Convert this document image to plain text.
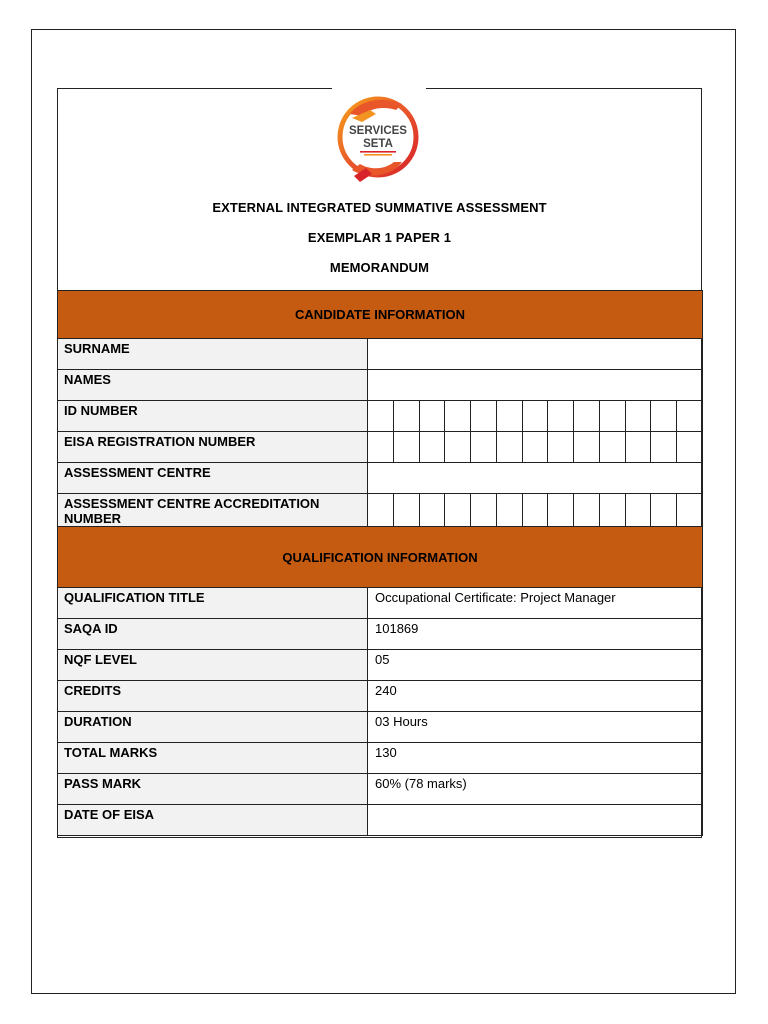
SERVICES
SETA
EXTERNAL INTEGRATED SUMMATIVE ASSESSMENT
EXEMPLAR 1 PAPER 1
MEMORANDUM
CANDIDATE INFORMATION	
SURNAME	
NAMES	
ID NUMBER	

EISA REGISTRATION NUMBER	

ASSESSMENT CENTRE	
ASSESSMENT CENTRE ACCREDITATION NUMBER	

QUALIFICATION INFORMATION	
QUALIFICATION TITLE	Occupational Certificate: Project Manager
SAQA ID	101869
NQF LEVEL	05
CREDITS	240
DURATION	03 Hours
TOTAL MARKS	130
PASS MARK	60% (78 marks)
DATE OF EISA	
